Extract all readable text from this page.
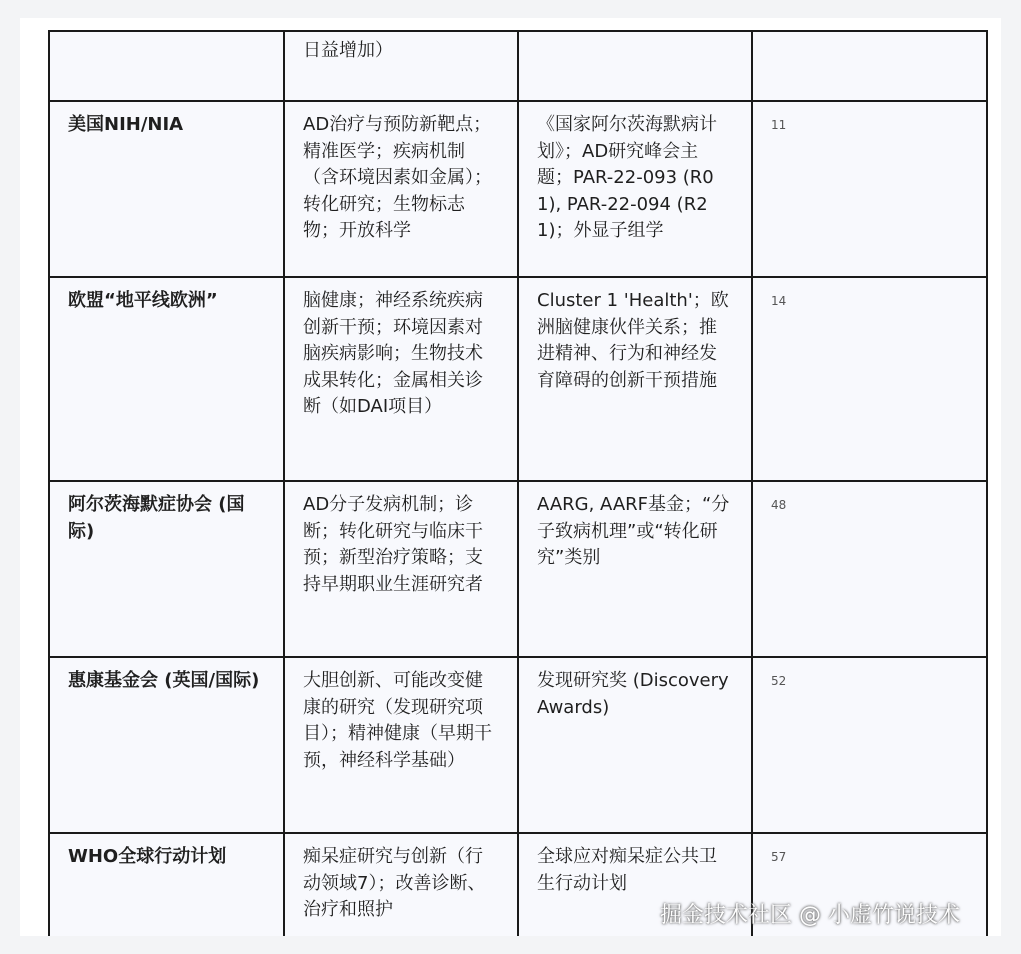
	日益增加）		
美国NIH/NIA	AD治疗与预防新靶点；精准医学；疾病机制（含环境因素如金属）；转化研究；生物标志物；开放科学	《国家阿尔茨海默病计划》；AD研究峰会主题；PAR-22-093 (R01), PAR-22-094 (R21)；外显子组学	11
欧盟“地平线欧洲”	脑健康；神经系统疾病创新干预；环境因素对脑疾病影响；生物技术成果转化；金属相关诊断（如DAI项目）	Cluster 1 'Health'；欧洲脑健康伙伴关系；推进精神、行为和神经发育障碍的创新干预措施	14
阿尔茨海默症协会 (国际)	AD分子发病机制；诊断；转化研究与临床干预；新型治疗策略；支持早期职业生涯研究者	AARG, AARF基金；“分子致病机理”或“转化研究”类别	48
惠康基金会 (英国/国际)	大胆创新、可能改变健康的研究（发现研究项目）；精神健康（早期干预，神经科学基础）	发现研究奖 (Discovery Awards)	52
WHO全球行动计划	痴呆症研究与创新（行动领域7）；改善诊断、治疗和照护	全球应对痴呆症公共卫生行动计划	57
掘金技术社区 @ 小虚竹说技术
